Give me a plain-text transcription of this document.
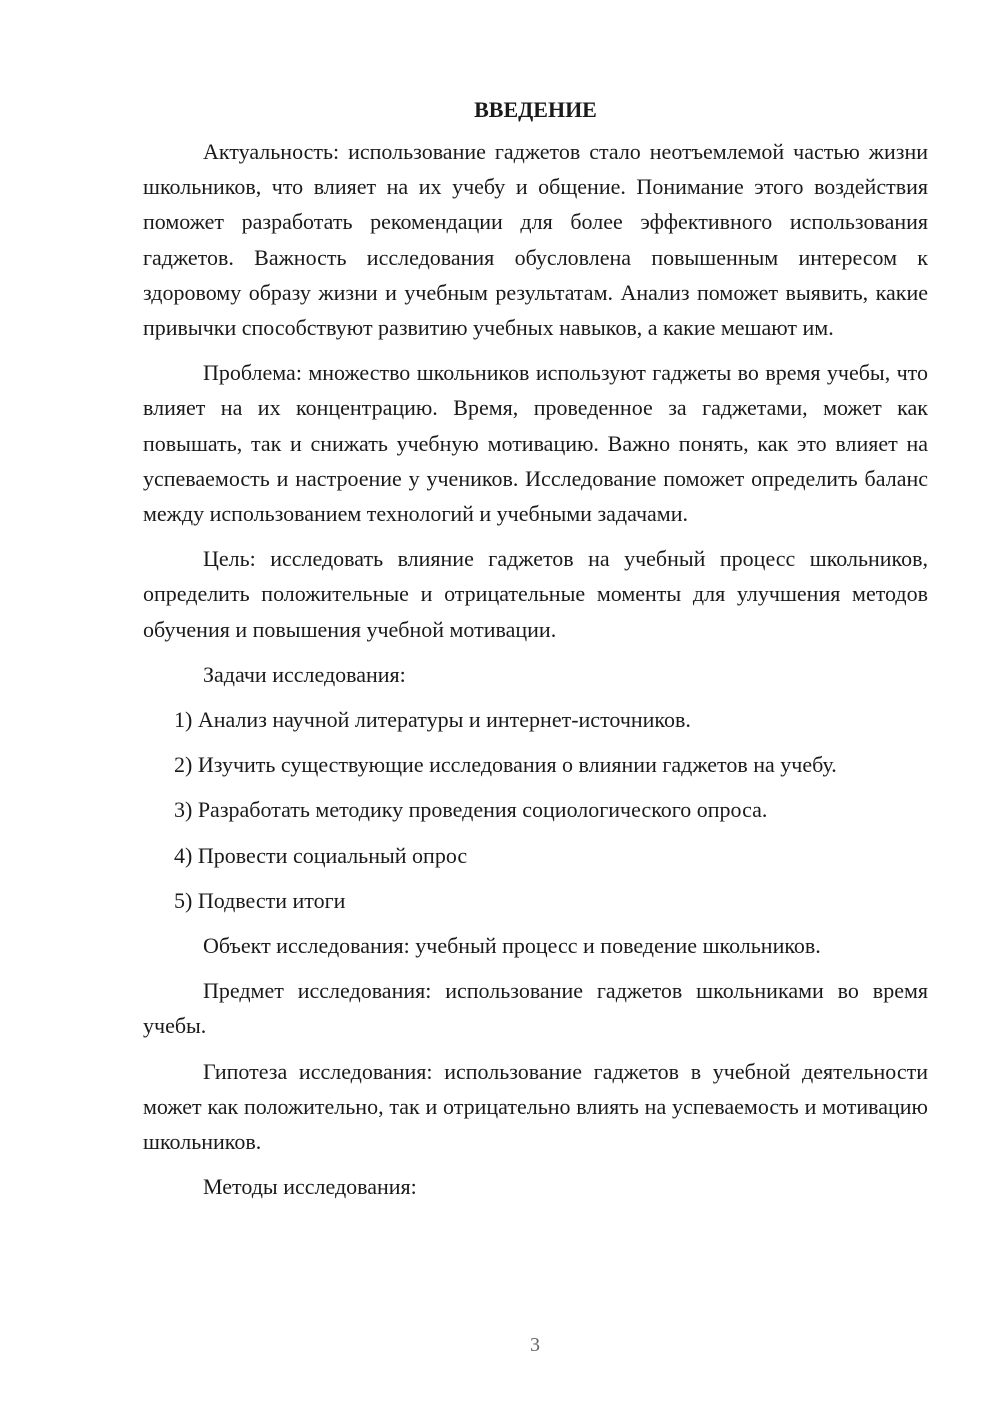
ВВЕДЕНИЕ

Актуальность: использование гаджетов стало неотъемлемой частью жизни школьников, что влияет на их учебу и общение. Понимание этого воздействия поможет разработать рекомендации для более эффективного использования гаджетов. Важность исследования обусловлена повышенным интересом к здоровому образу жизни и учебным результатам. Анализ поможет выявить, какие привычки способствуют развитию учебных навыков, а какие мешают им.

Проблема: множество школьников используют гаджеты во время учебы, что влияет на их концентрацию. Время, проведенное за гаджетами, может как повышать, так и снижать учебную мотивацию. Важно понять, как это влияет на успеваемость и настроение у учеников. Исследование поможет определить баланс между использованием технологий и учебными задачами.

Цель: исследовать влияние гаджетов на учебный процесс школьников, определить положительные и отрицательные моменты для улучшения методов обучения и повышения учебной мотивации.

Задачи исследования:

1) Анализ научной литературы и интернет-источников.

2) Изучить существующие исследования о влиянии гаджетов на учебу.

3) Разработать методику проведения социологического опроса.

4) Провести социальный опрос

5) Подвести итоги

Объект исследования: учебный процесс и поведение школьников.

Предмет исследования: использование гаджетов школьниками во время учебы.

Гипотеза исследования: использование гаджетов в учебной деятельности может как положительно, так и отрицательно влиять на успеваемость и мотивацию школьников.

Методы исследования:

3
